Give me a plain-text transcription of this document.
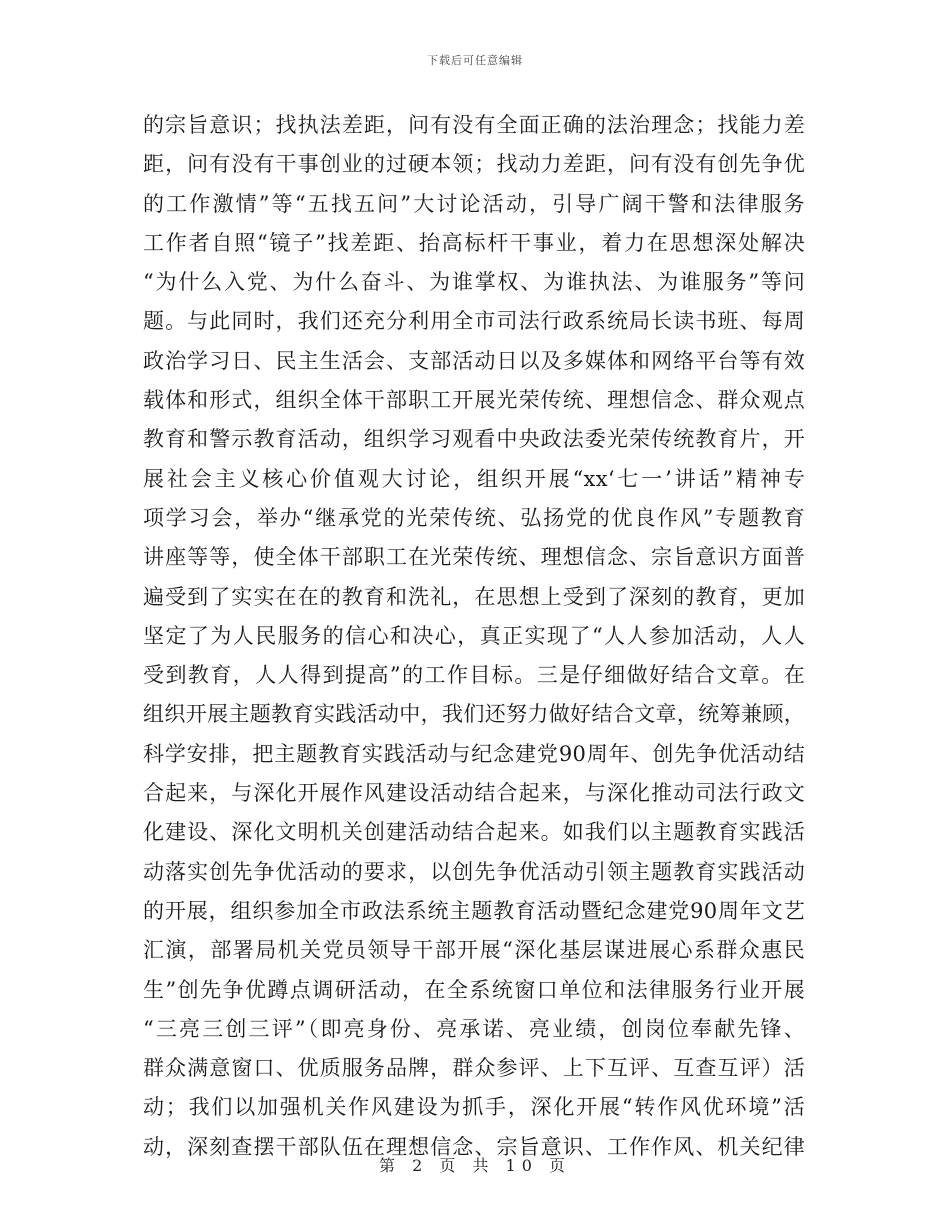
下载后可任意编辑
的宗旨意识；找执法差距，问有没有全面正确的法治理念；找能力差
距，问有没有干事创业的过硬本领；找动力差距，问有没有创先争优
的工作激情”等“五找五问”大讨论活动，引导广阔干警和法律服务
工作者自照“镜子”找差距、抬高标杆干事业，着力在思想深处解决
“为什么入党、为什么奋斗、为谁掌权、为谁执法、为谁服务”等问
题。与此同时，我们还充分利用全市司法行政系统局长读书班、每周
政治学习日、民主生活会、支部活动日以及多媒体和网络平台等有效
载体和形式，组织全体干部职工开展光荣传统、理想信念、群众观点
教育和警示教育活动，组织学习观看中央政法委光荣传统教育片，开
展社会主义核心价值观大讨论，组织开展“xx‘七一’讲话”精神专
项学习会，举办“继承党的光荣传统、弘扬党的优良作风”专题教育
讲座等等，使全体干部职工在光荣传统、理想信念、宗旨意识方面普
遍受到了实实在在的教育和洗礼，在思想上受到了深刻的教育，更加
坚定了为人民服务的信心和决心，真正实现了“人人参加活动，人人
受到教育，人人得到提高”的工作目标。三是仔细做好结合文章。在
组织开展主题教育实践活动中，我们还努力做好结合文章，统筹兼顾，
科学安排，把主题教育实践活动与纪念建党90周年、创先争优活动结
合起来，与深化开展作风建设活动结合起来，与深化推动司法行政文
化建设、深化文明机关创建活动结合起来。如我们以主题教育实践活
动落实创先争优活动的要求，以创先争优活动引领主题教育实践活动
的开展，组织参加全市政法系统主题教育活动暨纪念建党90周年文艺
汇演，部署局机关党员领导干部开展“深化基层谋进展心系群众惠民
生”创先争优蹲点调研活动，在全系统窗口单位和法律服务行业开展
“三亮三创三评”（即亮身份、亮承诺、亮业绩，创岗位奉献先锋、
群众满意窗口、优质服务品牌，群众参评、上下互评、互查互评）活
动；我们以加强机关作风建设为抓手，深化开展“转作风优环境”活
动，深刻查摆干部队伍在理想信念、宗旨意识、工作作风、机关纪律
第 2 页 共 10 页
